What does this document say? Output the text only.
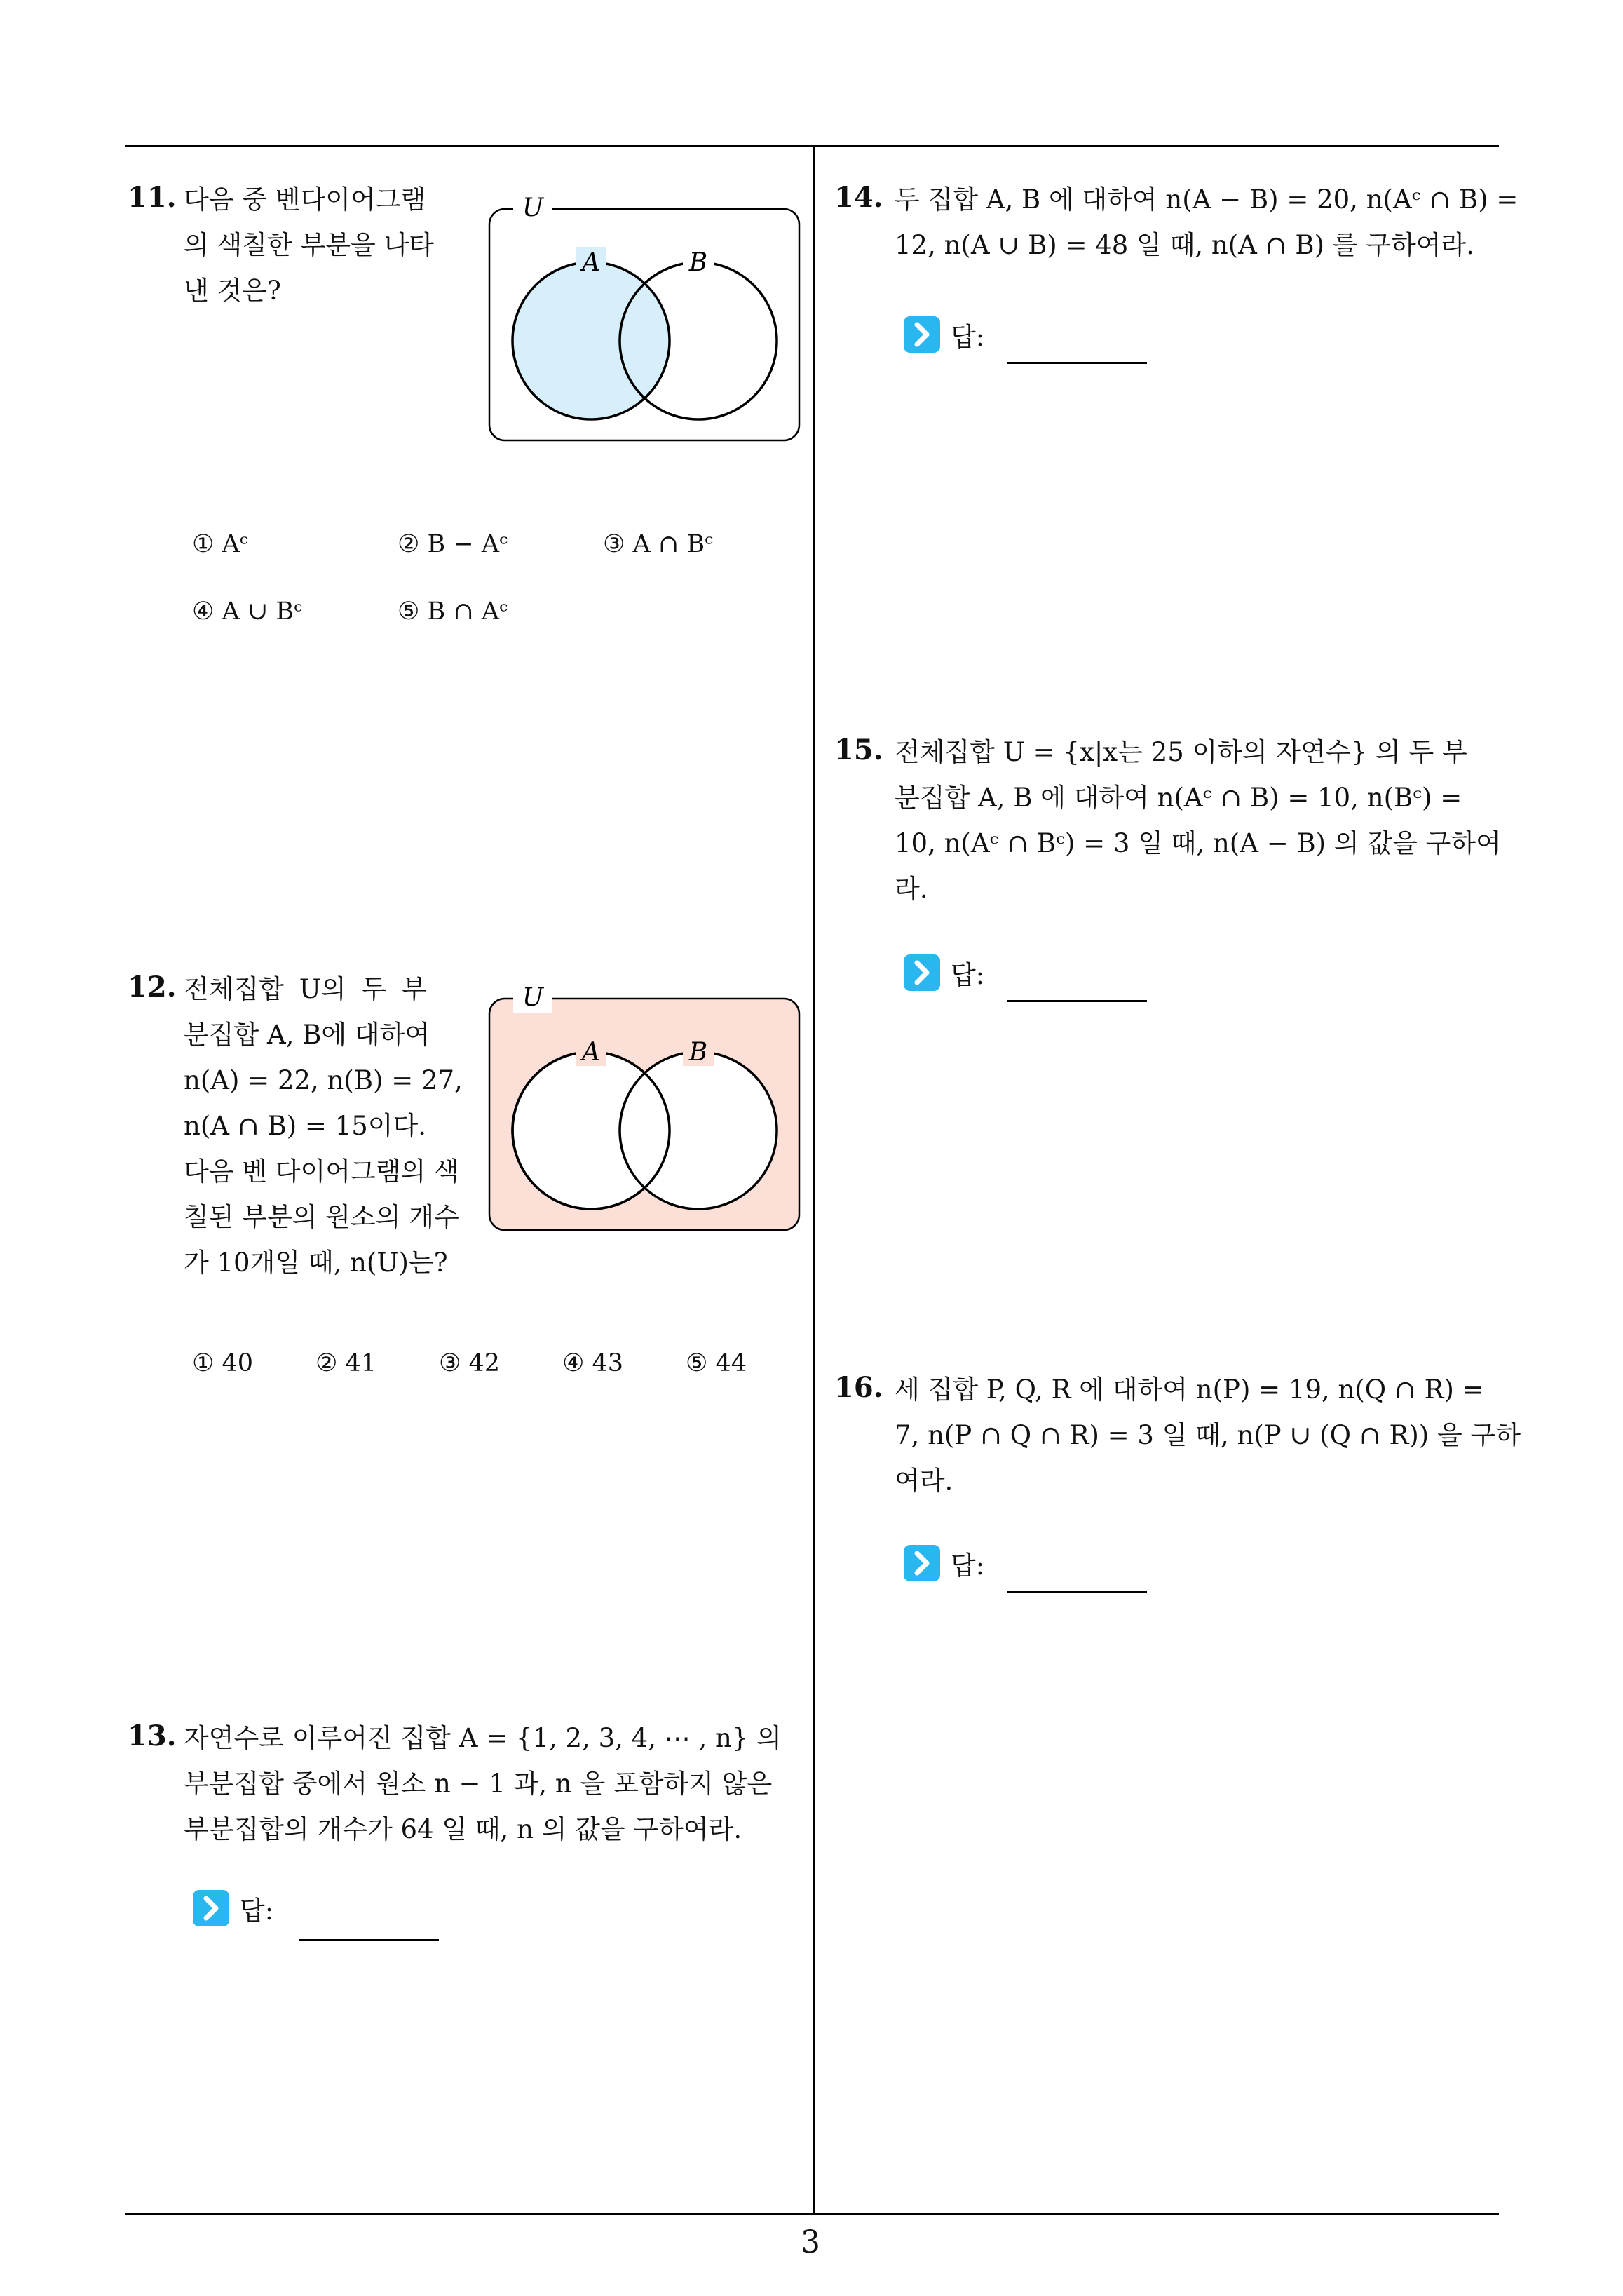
11. 다음 중 벤다이어그램
의 색칠한 부분을 나타
낸 것은?
U
A	B
① Aᶜ	② B − Aᶜ	③ A ∩ Bᶜ
④ A ∪ Bᶜ	⑤ B ∩ Aᶜ
12. 전체집합 U의 두 부
분집합 A, B에 대하여
n(A) = 22, n(B) = 27,
n(A ∩ B) = 15이다.
다음 벤 다이어그램의 색
칠된 부분의 원소의 개수
가 10개일 때, n(U)는?
U
A	B
① 40	② 41	③ 42	④ 43	⑤ 44
13. 자연수로 이루어진 집합 A = {1, 2, 3, 4, ⋯ , n} 의
부분집합 중에서 원소 n − 1 과, n 을 포함하지 않은
부분집합의 개수가 64 일 때, n 의 값을 구하여라.
답:
14. 두 집합 A, B 에 대하여 n(A − B) = 20, n(Aᶜ ∩ B) =
12, n(A ∪ B) = 48 일 때, n(A ∩ B) 를 구하여라.
답:
15. 전체집합 U = {x|x는 25 이하의 자연수} 의 두 부
분집합 A, B 에 대하여 n(Aᶜ ∩ B) = 10, n(Bᶜ) =
10, n(Aᶜ ∩ Bᶜ) = 3 일 때, n(A − B) 의 값을 구하여
라.
답:
16. 세 집합 P, Q, R 에 대하여 n(P) = 19, n(Q ∩ R) =
7, n(P ∩ Q ∩ R) = 3 일 때, n(P ∪ (Q ∩ R)) 을 구하
여라.
답:
3
